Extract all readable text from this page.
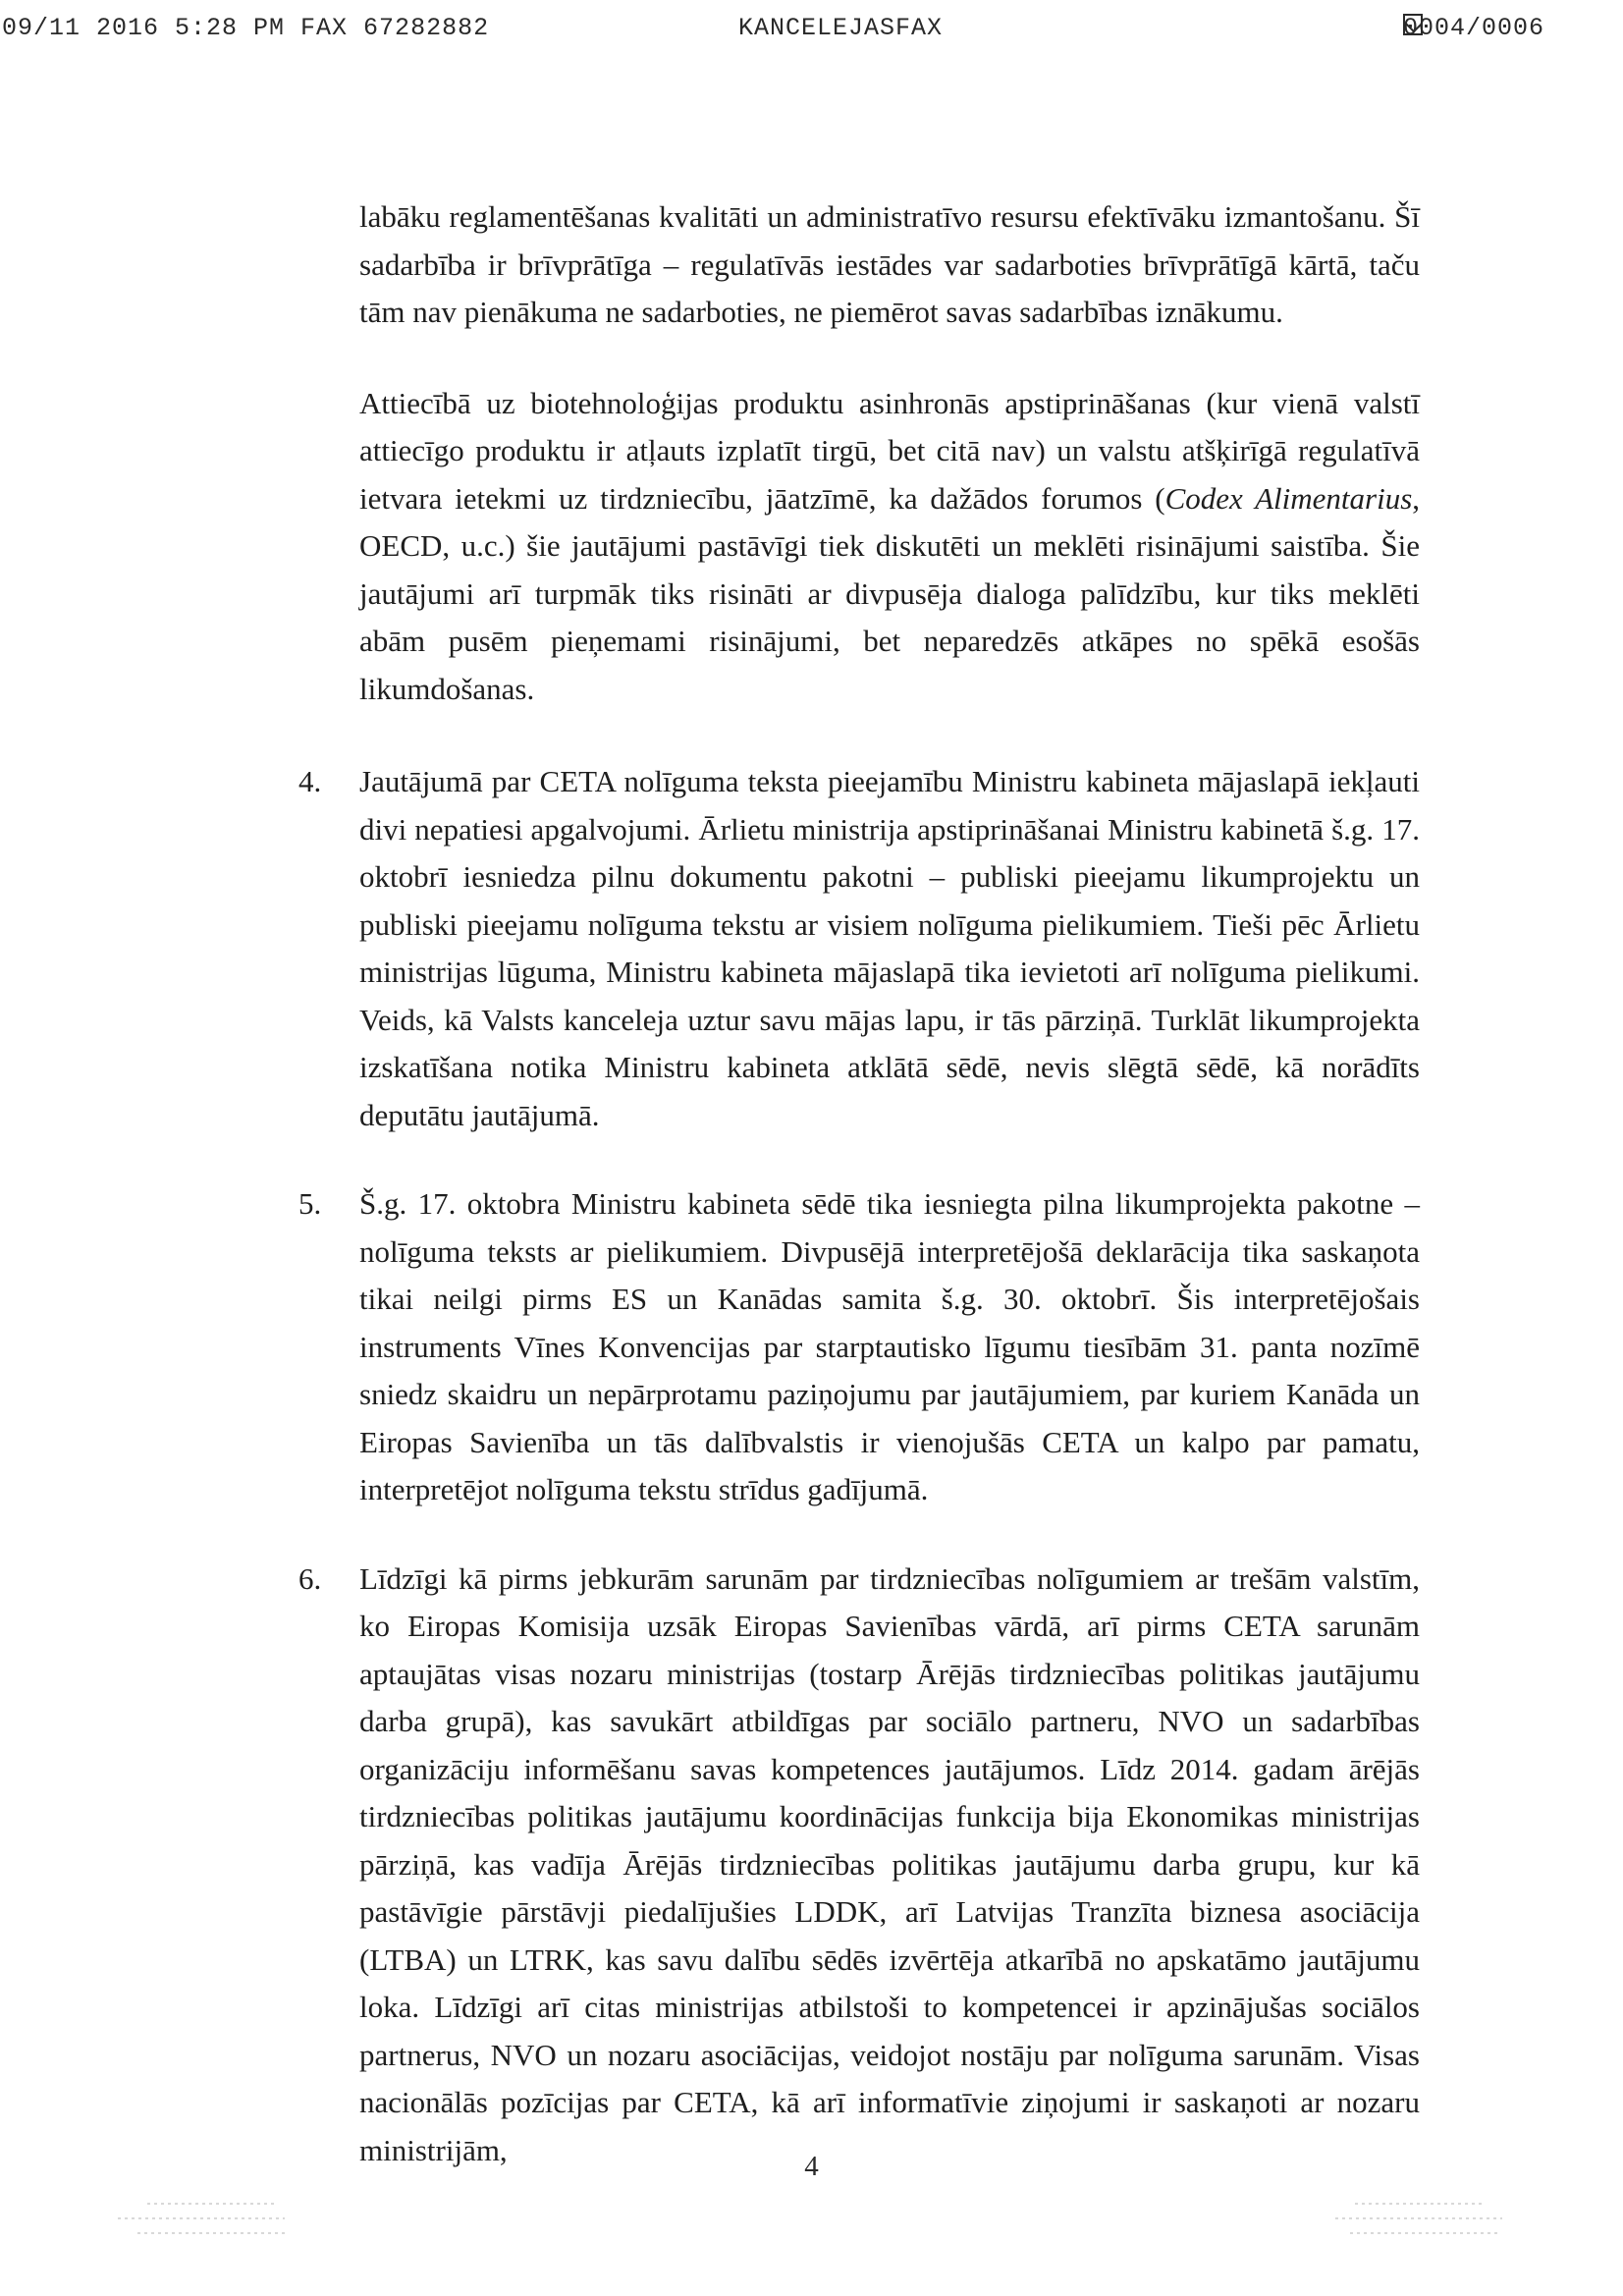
09/11 2016 5:28 PM FAX 67282882	KANCELEJASFAX	0004/0006

labāku reglamentēšanas kvalitāti un administratīvo resursu efektīvāku izmantošanu. Šī sadarbība ir brīvprātīga – regulatīvās iestādes var sadarboties brīvprātīgā kārtā, taču tām nav pienākuma ne sadarboties, ne piemērot savas sadarbības iznākumu.

Attiecībā uz biotehnoloģijas produktu asinhronās apstiprināšanas (kur vienā valstī attiecīgo produktu ir atļauts izplatīt tirgū, bet citā nav) un valstu atšķirīgā regulatīvā ietvara ietekmi uz tirdzniecību, jāatzīmē, ka dažādos forumos (Codex Alimentarius, OECD, u.c.) šie jautājumi pastāvīgi tiek diskutēti un meklēti risinājumi saistība. Šie jautājumi arī turpmāk tiks risināti ar divpusēja dialoga palīdzību, kur tiks meklēti abām pusēm pieņemami risinājumi, bet neparedzēs atkāpes no spēkā esošās likumdošanas.

4. Jautājumā par CETA nolīguma teksta pieejamību Ministru kabineta mājaslapā iekļauti divi nepatiesi apgalvojumi. Ārlietu ministrija apstiprināšanai Ministru kabinetā š.g. 17. oktobrī iesniedza pilnu dokumentu pakotni – publiski pieejamu likumprojektu un publiski pieejamu nolīguma tekstu ar visiem nolīguma pielikumiem. Tieši pēc Ārlietu ministrijas lūguma, Ministru kabineta mājaslapā tika ievietoti arī nolīguma pielikumi. Veids, kā Valsts kanceleja uztur savu mājas lapu, ir tās pārziņā. Turklāt likumprojekta izskatīšana notika Ministru kabineta atklātā sēdē, nevis slēgtā sēdē, kā norādīts deputātu jautājumā.

5. Š.g. 17. oktobra Ministru kabineta sēdē tika iesniegta pilna likumprojekta pakotne – nolīguma teksts ar pielikumiem. Divpusējā interpretējošā deklarācija tika saskaņota tikai neilgi pirms ES un Kanādas samita š.g. 30. oktobrī. Šis interpretējošais instruments Vīnes Konvencijas par starptautisko līgumu tiesībām 31. panta nozīmē sniedz skaidru un nepārprotamu paziņojumu par jautājumiem, par kuriem Kanāda un Eiropas Savienība un tās dalībvalstis ir vienojušās CETA un kalpo par pamatu, interpretējot nolīguma tekstu strīdus gadījumā.

6. Līdzīgi kā pirms jebkurām sarunām par tirdzniecības nolīgumiem ar trešām valstīm, ko Eiropas Komisija uzsāk Eiropas Savienības vārdā, arī pirms CETA sarunām aptaujātas visas nozaru ministrijas (tostarp Ārējās tirdzniecības politikas jautājumu darba grupā), kas savukārt atbildīgas par sociālo partneru, NVO un sadarbības organizāciju informēšanu savas kompetences jautājumos. Līdz 2014. gadam ārējās tirdzniecības politikas jautājumu koordinācijas funkcija bija Ekonomikas ministrijas pārziņā, kas vadīja Ārējās tirdzniecības politikas jautājumu darba grupu, kur kā pastāvīgie pārstāvji piedalījušies LDDK, arī Latvijas Tranzīta biznesa asociācija (LTBA) un LTRK, kas savu dalību sēdēs izvērtēja atkarībā no apskatāmo jautājumu loka. Līdzīgi arī citas ministrijas atbilstoši to kompetencei ir apzinājušas sociālos partnerus, NVO un nozaru asociācijas, veidojot nostāju par nolīguma sarunām. Visas nacionālās pozīcijas par CETA, kā arī informatīvie ziņojumi ir saskaņoti ar nozaru ministrijām,	4
